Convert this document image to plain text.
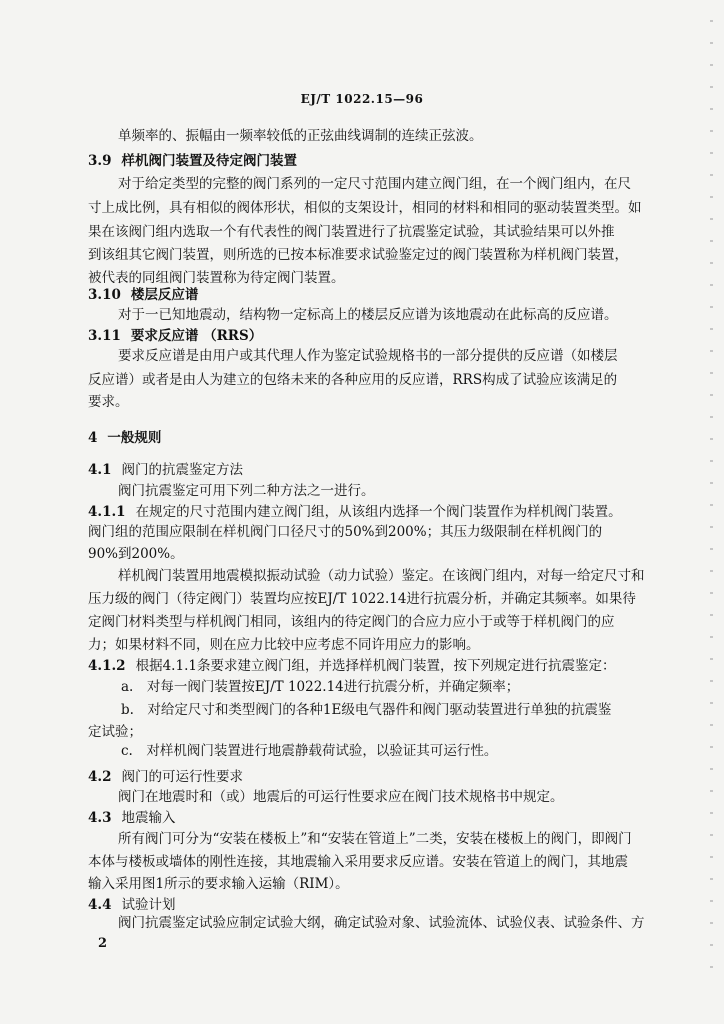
EJ/T 1022.15—96
单频率的、振幅由一频率较低的正弦曲线调制的连续正弦波。
3.9 样机阀门装置及待定阀门装置
对于给定类型的完整的阀门系列的一定尺寸范围内建立阀门组，在一个阀门组内，在尺
寸上成比例，具有相似的阀体形状，相似的支架设计，相同的材料和相同的驱动装置类型。如
果在该阀门组内选取一个有代表性的阀门装置进行了抗震鉴定试验，其试验结果可以外推
到该组其它阀门装置，则所选的已按本标准要求试验鉴定过的阀门装置称为样机阀门装置，
被代表的同组阀门装置称为待定阀门装置。
3.10 楼层反应谱
对于一已知地震动，结构物一定标高上的楼层反应谱为该地震动在此标高的反应谱。
3.11 要求反应谱 （RRS）
要求反应谱是由用户或其代理人作为鉴定试验规格书的一部分提供的反应谱（如楼层
反应谱）或者是由人为建立的包络未来的各种应用的反应谱，RRS构成了试验应该满足的
要求。
4 一般规则
4.1 阀门的抗震鉴定方法
阀门抗震鉴定可用下列二种方法之一进行。
4.1.1 在规定的尺寸范围内建立阀门组，从该组内选择一个阀门装置作为样机阀门装置。
阀门组的范围应限制在样机阀门口径尺寸的50%到200%；其压力级限制在样机阀门的
90%到200%。
样机阀门装置用地震模拟振动试验（动力试验）鉴定。在该阀门组内，对每一给定尺寸和
压力级的阀门（待定阀门）装置均应按EJ/T 1022.14进行抗震分析，并确定其频率。如果待
定阀门材料类型与样机阀门相同，该组内的待定阀门的合应力应小于或等于样机阀门的应
力；如果材料不同，则在应力比较中应考虑不同许用应力的影响。
4.1.2 根据4.1.1条要求建立阀门组，并选择样机阀门装置，按下列规定进行抗震鉴定：
a.　对每一阀门装置按EJ/T 1022.14进行抗震分析，并确定频率；
b.　对给定尺寸和类型阀门的各种1E级电气器件和阀门驱动装置进行单独的抗震鉴
定试验；
c.　对样机阀门装置进行地震静载荷试验，以验证其可运行性。
4.2 阀门的可运行性要求
阀门在地震时和（或）地震后的可运行性要求应在阀门技术规格书中规定。
4.3 地震输入
所有阀门可分为“安装在楼板上”和“安装在管道上”二类，安装在楼板上的阀门，即阀门
本体与楼板或墙体的刚性连接，其地震输入采用要求反应谱。安装在管道上的阀门，其地震
输入采用图1所示的要求输入运输（RIM）。
4.4 试验计划
阀门抗震鉴定试验应制定试验大纲，确定试验对象、试验流体、试验仪表、试验条件、方
2
